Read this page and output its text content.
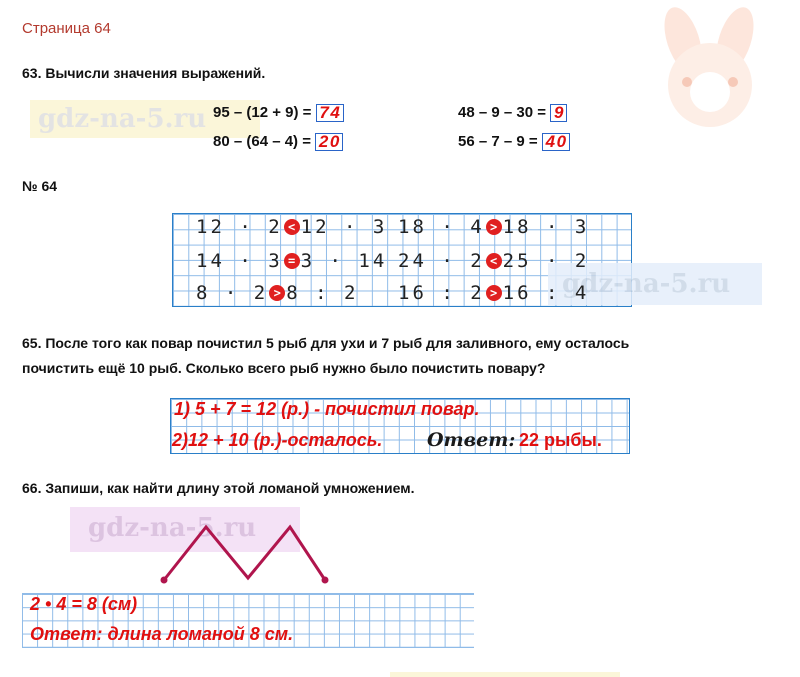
Страница 64
63. Вычисли значения выражений.
gdz-na-5.ru 95 – (12 + 9) = 74
80 – (64 – 4) = 20
48 – 9 – 30 = 9
56 – 7 – 9 = 40
№ 64
gdz-na-5.ru
12 · 2 < 12 · 3 18 · 4 > 18 · 3
14 · 3 = 3 · 14 24 · 2 < 25 · 2
8 · 2 > 8 : 2 16 : 2 > 16 : 4
65. После того как повар почистил 5 рыб для ухи и 7 рыб для заливного, ему осталось
почистить ещё 10 рыб. Сколько всего рыб нужно было почистить повару?
1) 5 + 7 = 12 (р.) - почистил повар.
2)12 + 10 (р.)-осталось. Ответ: 22 рыбы.
66. Запиши, как найти длину этой ломаной умножением.
gdz-na-5.ru
2 • 4 = 8 (см)
Ответ: длина ломаной 8 см.
